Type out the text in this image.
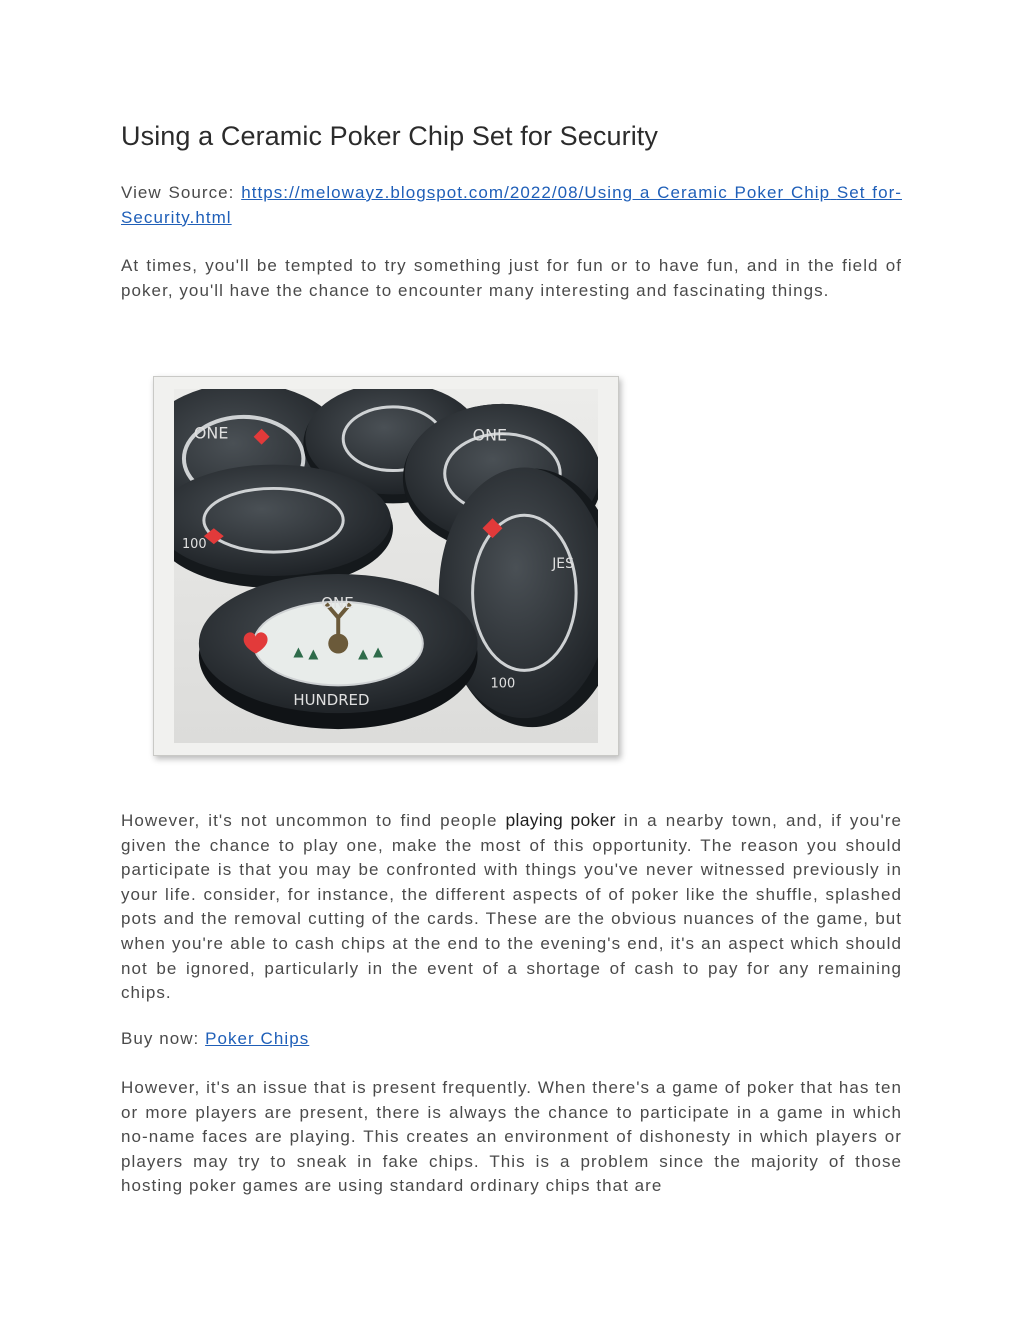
Using a Ceramic Poker Chip Set for Security

View Source: https://melowayz.blogspot.com/2022/08/Using a Ceramic Poker Chip Set for-Security.html

At times, you'll be tempted to try something just for fun or to have fun, and in the field of poker, you'll have the chance to encounter many interesting and fascinating things.

ONE	ONE
100
JES
100
ONE
HUNDRED

However, it's not uncommon to find people playing poker in a nearby town, and, if you're given the chance to play one, make the most of this opportunity. The reason you should participate is that you may be confronted with things you've never witnessed previously in your life. consider, for instance, the different aspects of of poker like the shuffle, splashed pots and the removal cutting of the cards. These are the obvious nuances of the game, but when you're able to cash chips at the end to the evening's end, it's an aspect which should not be ignored, particularly in the event of a shortage of cash to pay for any remaining chips.

Buy now: Poker Chips

However, it's an issue that is present frequently. When there's a game of poker that has ten or more players are present, there is always the chance to participate in a game in which no-name faces are playing. This creates an environment of dishonesty in which players or players may try to sneak in fake chips. This is a problem since the majority of those hosting poker games are using standard ordinary chips that are
